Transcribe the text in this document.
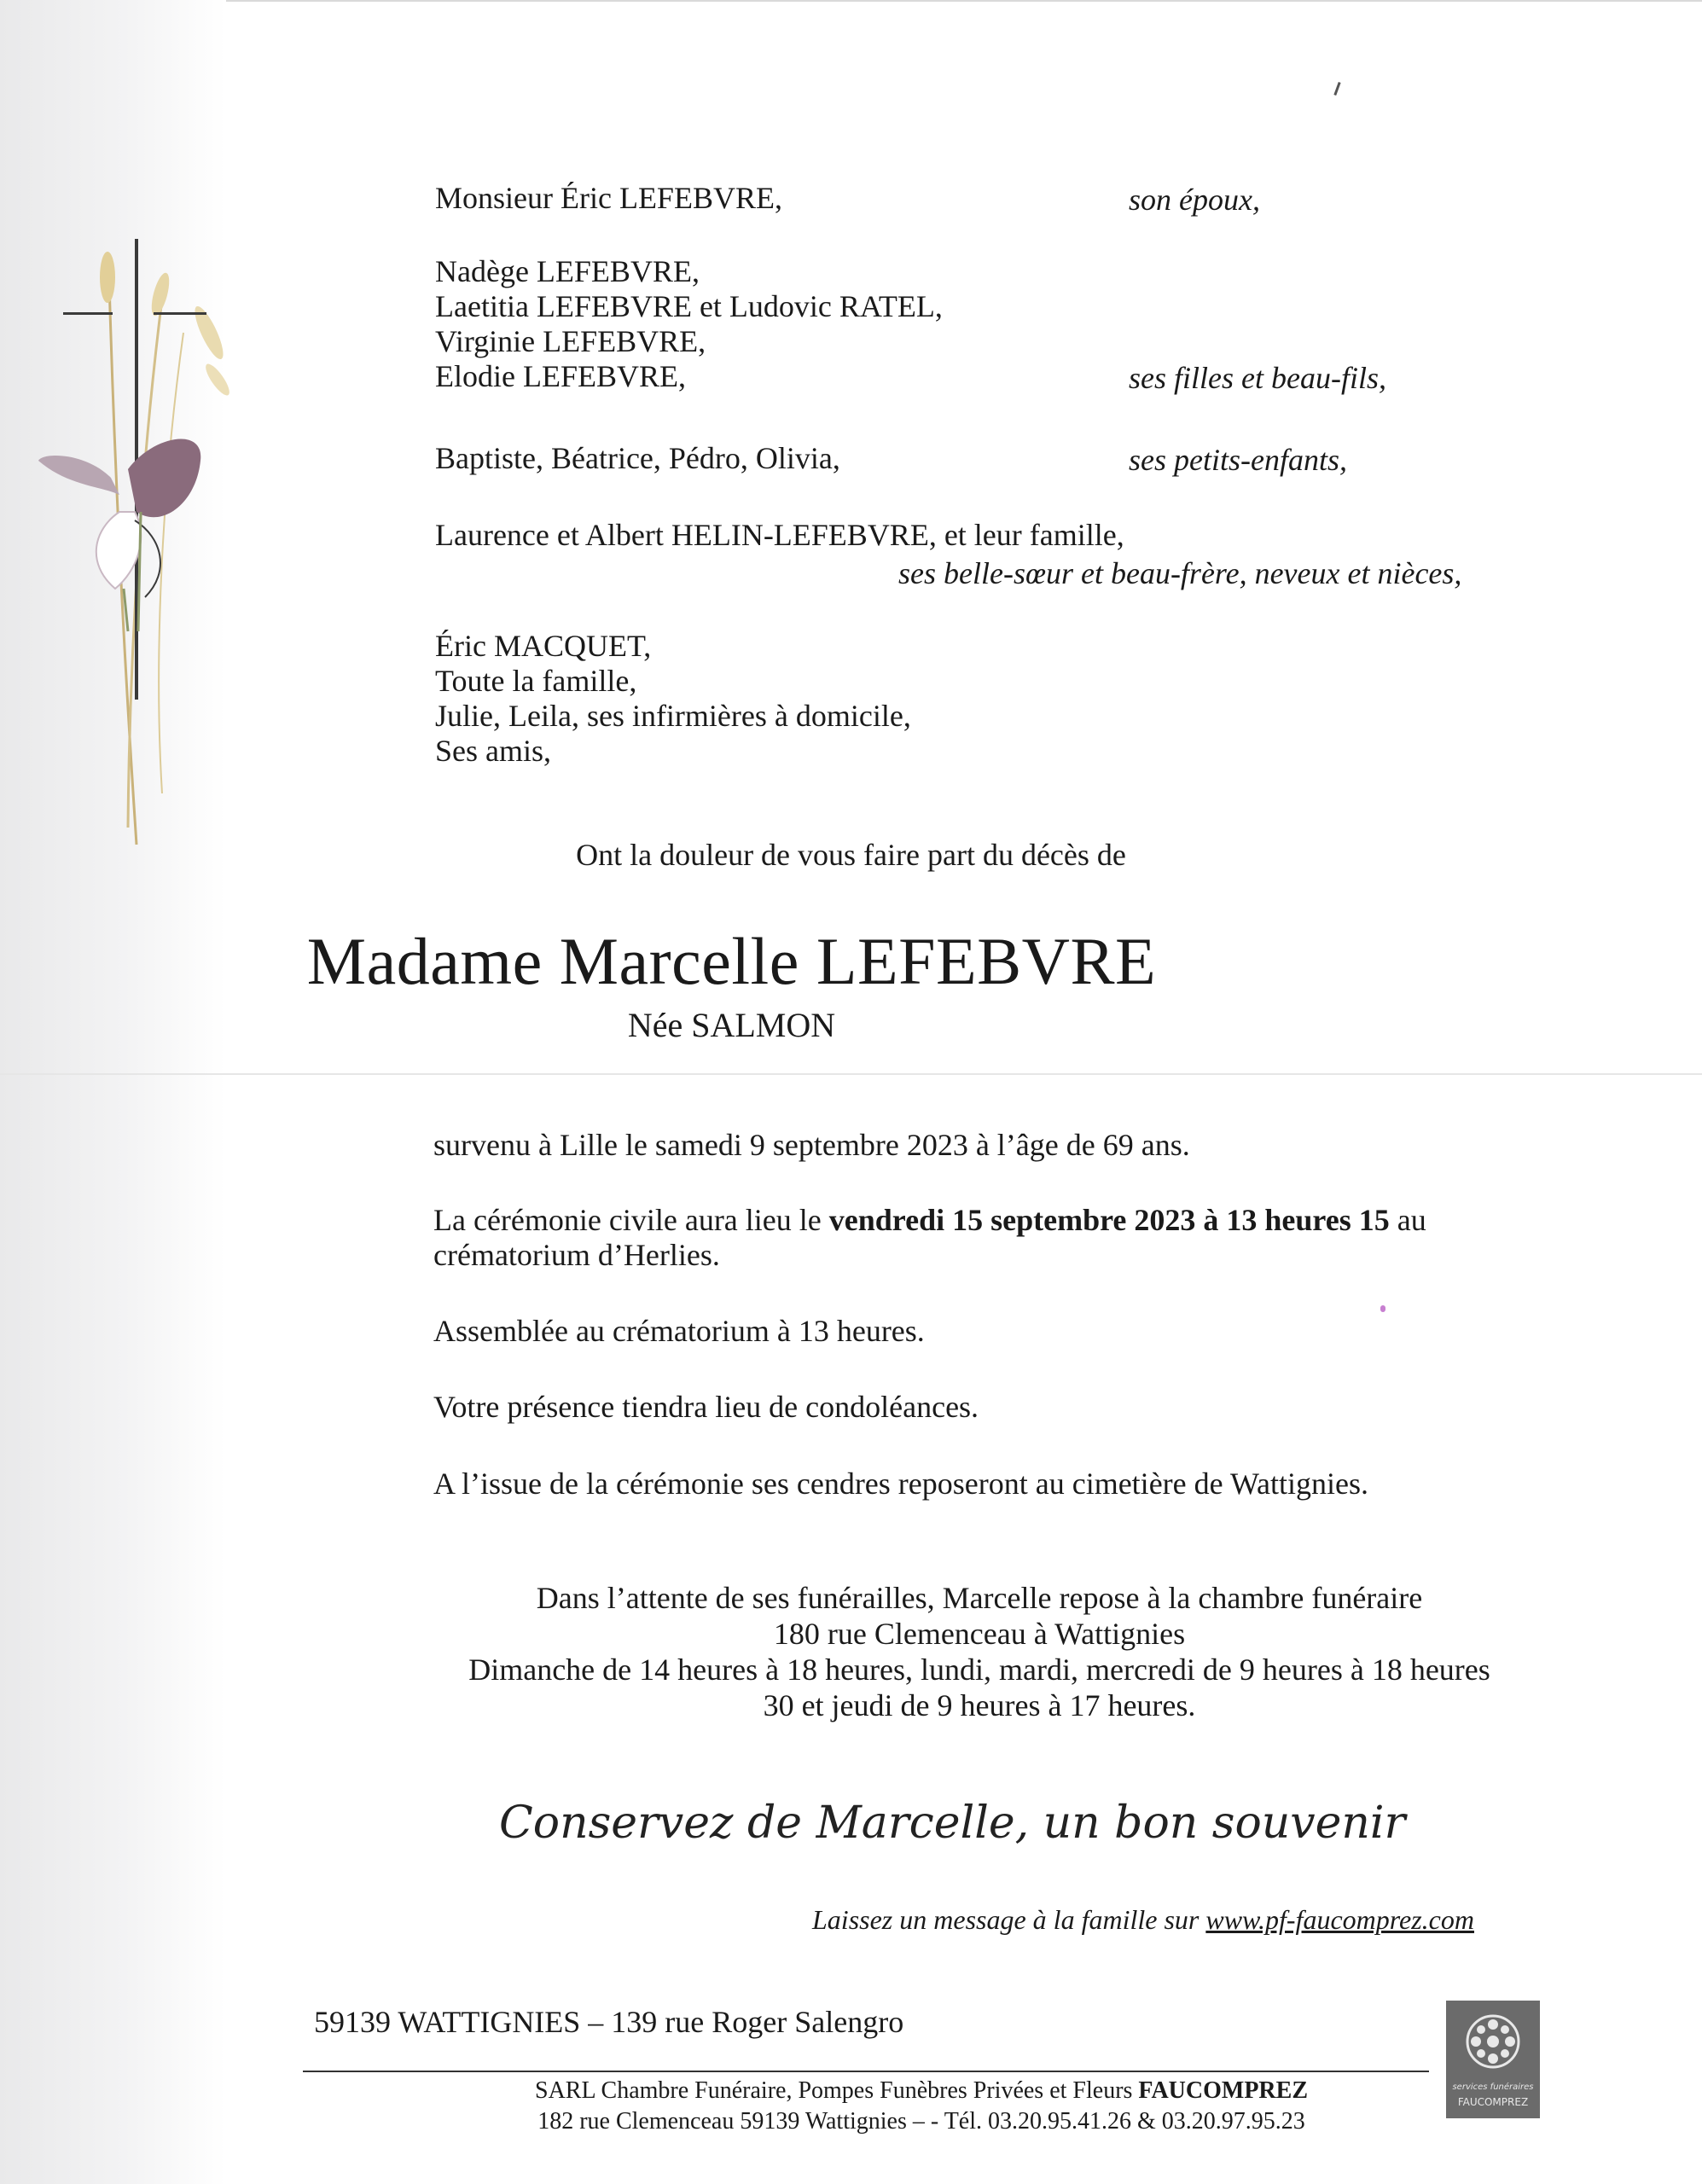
Monsieur Éric LEFEBVRE,	son époux,
Nadège LEFEBVRE,
Laetitia LEFEBVRE et Ludovic RATEL,
Virginie LEFEBVRE,
Elodie LEFEBVRE,	ses filles et beau-fils,
Baptiste, Béatrice, Pédro, Olivia,	ses petits-enfants,
Laurence et Albert HELIN-LEFEBVRE, et leur famille,
ses belle-sœur et beau-frère, neveux et nièces,
Éric MACQUET,
Toute la famille,
Julie, Leila, ses infirmières à domicile,
Ses amis,
Ont la douleur de vous faire part du décès de
Madame Marcelle LEFEBVRE
Née SALMON
survenu à Lille le samedi 9 septembre 2023 à l’âge de 69 ans.
La cérémonie civile aura lieu le vendredi 15 septembre 2023 à 13 heures 15 au
crématorium d’Herlies.
Assemblée au crématorium à 13 heures.
Votre présence tiendra lieu de condoléances.
A l’issue de la cérémonie ses cendres reposeront au cimetière de Wattignies.
Dans l’attente de ses funérailles, Marcelle repose à la chambre funéraire
180 rue Clemenceau à Wattignies
Dimanche de 14 heures à 18 heures, lundi, mardi, mercredi de 9 heures à 18 heures
30 et jeudi de 9 heures à 17 heures.
Conservez de Marcelle, un bon souvenir
Laissez un message à la famille sur www.pf-faucomprez.com
59139 WATTIGNIES – 139 rue Roger Salengro
services funéraires
FAUCOMPREZ
SARL Chambre Funéraire, Pompes Funèbres Privées et Fleurs FAUCOMPREZ
182 rue Clemenceau 59139 Wattignies – - Tél. 03.20.95.41.26 & 03.20.97.95.23
